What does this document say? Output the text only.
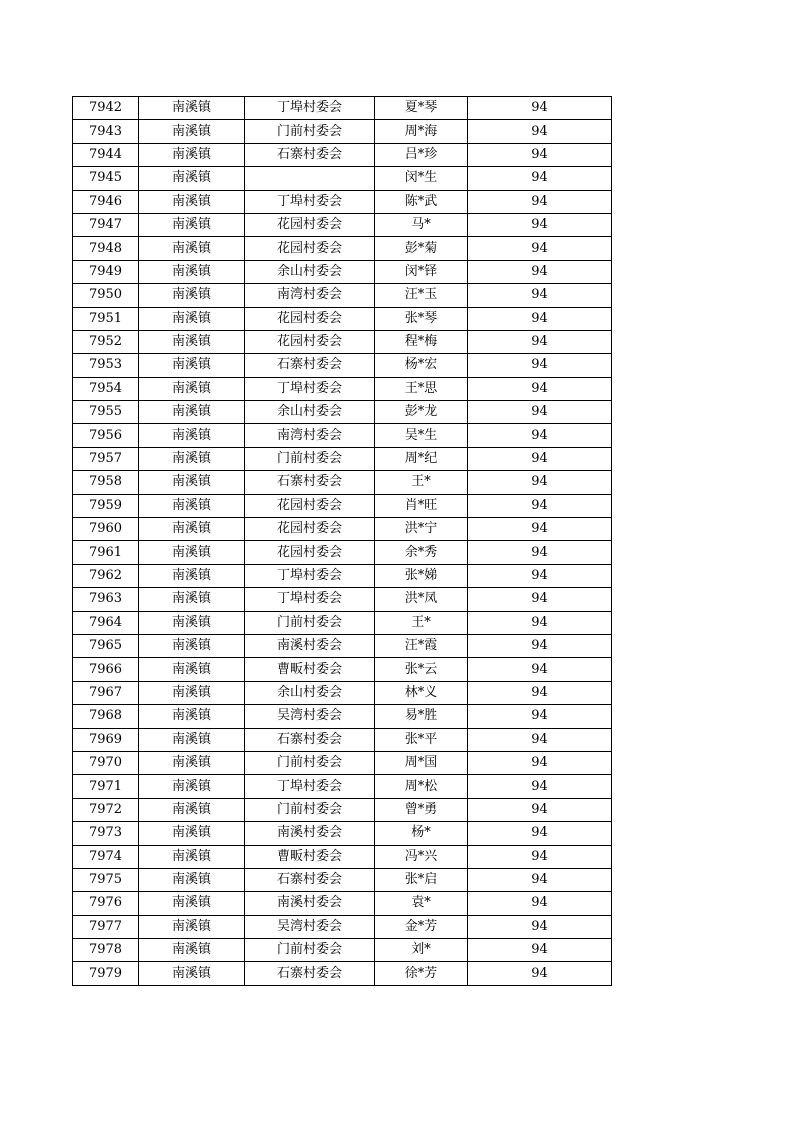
7942	南溪镇	丁埠村委会	夏*琴	94
7943	南溪镇	门前村委会	周*海	94
7944	南溪镇	石寨村委会	吕*珍	94
7945	南溪镇		闵*生	94
7946	南溪镇	丁埠村委会	陈*武	94
7947	南溪镇	花园村委会	马*	94
7948	南溪镇	花园村委会	彭*菊	94
7949	南溪镇	余山村委会	闵*铎	94
7950	南溪镇	南湾村委会	汪*玉	94
7951	南溪镇	花园村委会	张*琴	94
7952	南溪镇	花园村委会	程*梅	94
7953	南溪镇	石寨村委会	杨*宏	94
7954	南溪镇	丁埠村委会	王*思	94
7955	南溪镇	余山村委会	彭*龙	94
7956	南溪镇	南湾村委会	吴*生	94
7957	南溪镇	门前村委会	周*纪	94
7958	南溪镇	石寨村委会	王*	94
7959	南溪镇	花园村委会	肖*旺	94
7960	南溪镇	花园村委会	洪*宁	94
7961	南溪镇	花园村委会	余*秀	94
7962	南溪镇	丁埠村委会	张*娣	94
7963	南溪镇	丁埠村委会	洪*凤	94
7964	南溪镇	门前村委会	王*	94
7965	南溪镇	南溪村委会	汪*霞	94
7966	南溪镇	曹畈村委会	张*云	94
7967	南溪镇	余山村委会	林*义	94
7968	南溪镇	吴湾村委会	易*胜	94
7969	南溪镇	石寨村委会	张*平	94
7970	南溪镇	门前村委会	周*国	94
7971	南溪镇	丁埠村委会	周*松	94
7972	南溪镇	门前村委会	曾*勇	94
7973	南溪镇	南溪村委会	杨*	94
7974	南溪镇	曹畈村委会	冯*兴	94
7975	南溪镇	石寨村委会	张*启	94
7976	南溪镇	南溪村委会	袁*	94
7977	南溪镇	吴湾村委会	金*芳	94
7978	南溪镇	门前村委会	刘*	94
7979	南溪镇	石寨村委会	徐*芳	94
